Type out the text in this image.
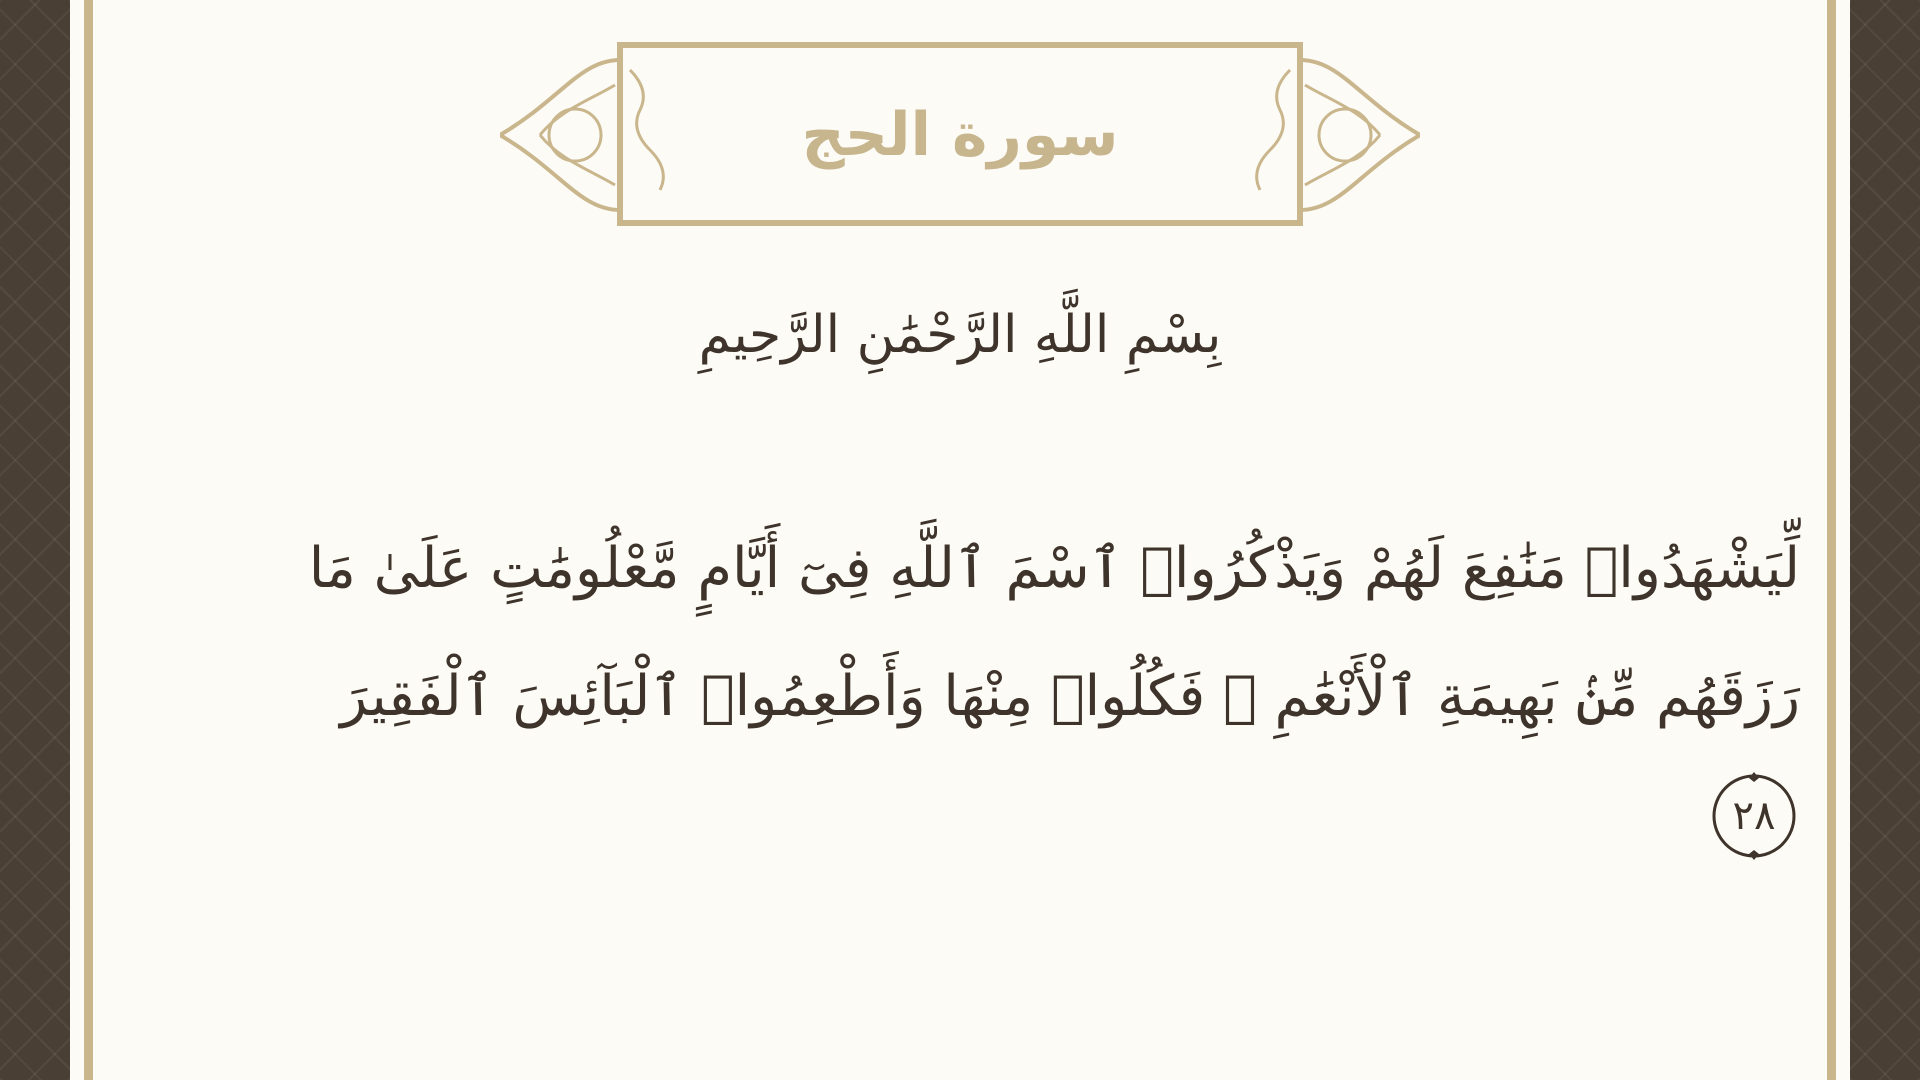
سورة الحج
بِسْمِ اللَّهِ الرَّحْمَٰنِ الرَّحِيمِ
لِّيَشْهَدُوا۟ مَنَٰفِعَ لَهُمْ وَيَذْكُرُوا۟ ٱسْمَ ٱللَّهِ فِىٓ أَيَّامٍ مَّعْلُومَٰتٍ عَلَىٰ مَا رَزَقَهُم مِّنۢ بَهِيمَةِ ٱلْأَنْعَٰمِ ۖ فَكُلُوا۟ مِنْهَا وَأَطْعِمُوا۟ ٱلْبَآئِسَ ٱلْفَقِيرَ
٢٨
